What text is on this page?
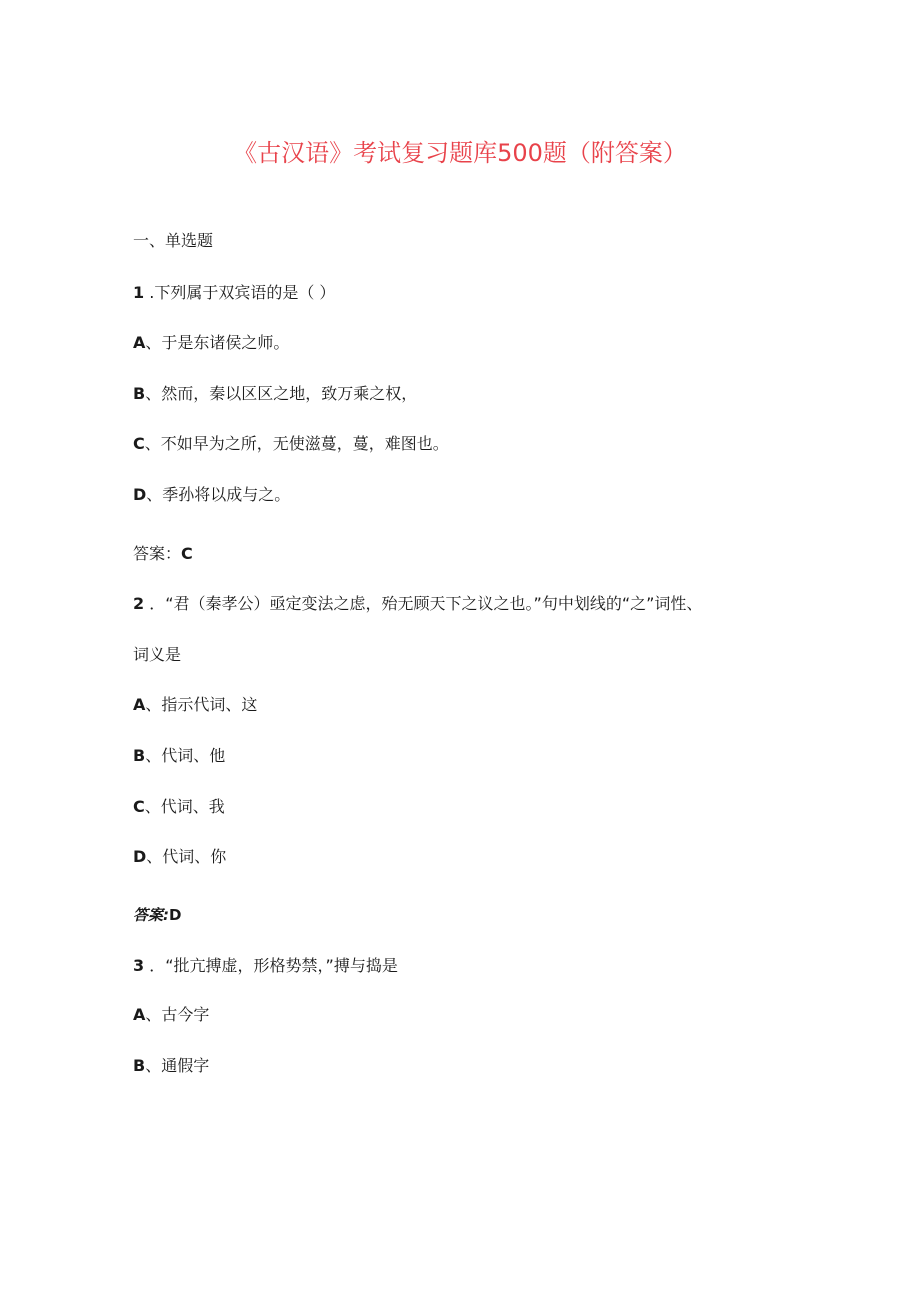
《古汉语》考试复习题库500题（附答案）
一、单选题
1 .下列属于双宾语的是（ ）
A、于是东诸侯之师。
B、然而，秦以区区之地，致万乘之权，
C、不如早为之所，无使滋蔓，蔓，难图也。
D、季孙将以成与之。
答案：C
2 ．“君（秦孝公）亟定变法之虑，殆无顾天下之议之也。”句中划线的“之”词性、
词义是
A、指示代词、这
B、代词、他
C、代词、我
D、代词、你
答案:D
3 ．“批亢搏虚，形格势禁，”搏与捣是
A、古今字
B、通假字
